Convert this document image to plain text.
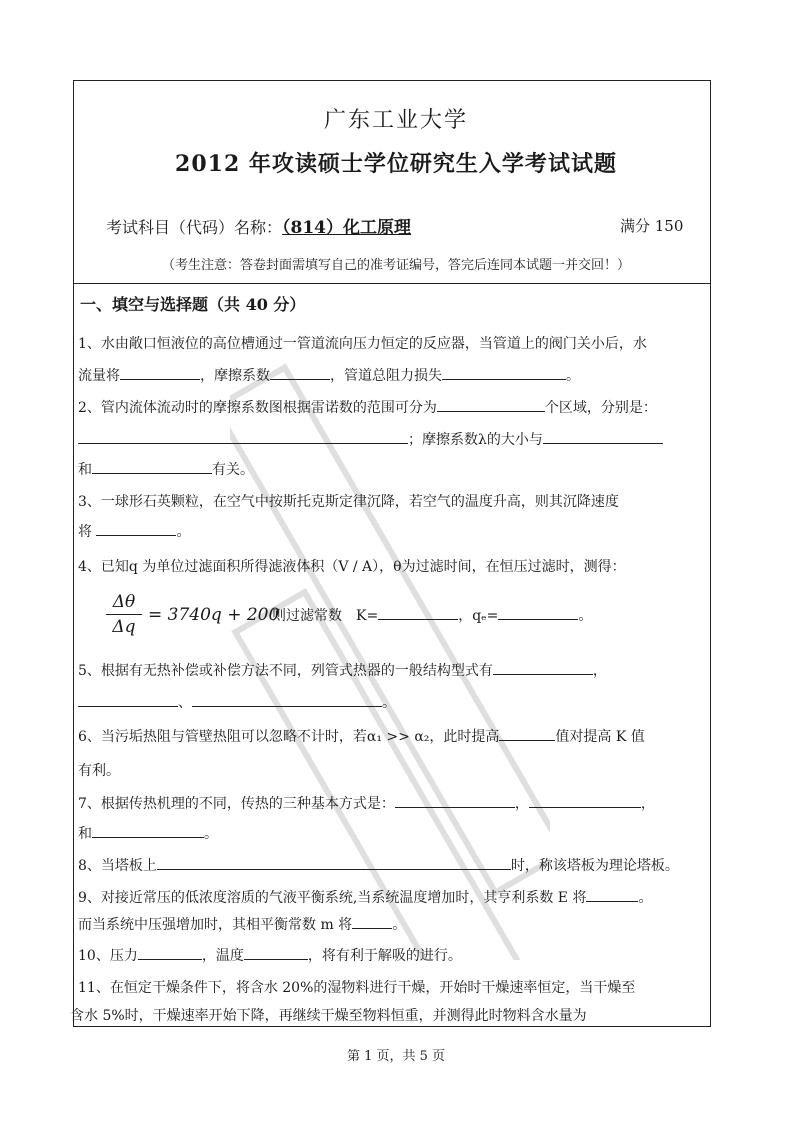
广东工业大学
2012 年攻读硕士学位研究生入学考试试题
考试科目（代码）名称：（814）化工原理	满分 150
（考生注意：答卷封面需填写自己的准考证编号，答完后连同本试题一并交回！）
一、填空与选择题（共 40 分）
1、水由敞口恒液位的高位槽通过一管道流向压力恒定的反应器，当管道上的阀门关小后，水
流量将	，摩擦系数	，管道总阻力损失	。
2、管内流体流动时的摩擦系数图根据雷诺数的范围可分为	个区域，分别是：
；摩擦系数λ的大小与
和	有关。
3、一球形石英颗粒，在空气中按斯托克斯定律沉降，若空气的温度升高，则其沉降速度
将	。
4、已知q 为单位过滤面积所得滤液体积（V / A），θ为过滤时间，在恒压过滤时，测得：
Δθ
Δq
= 3740q + 200
则过滤常数　K=	，qₑ=	。
5、根据有无热补偿或补偿方法不同，列管式热器的一般结构型式有	，
、	。
6、当污垢热阻与管壁热阻可以忽略不计时，若α₁ >> α₂，此时提高	值对提高 K 值
有利。
7、根据传热机理的不同，传热的三种基本方式是：	，	，
和	。
8、当塔板上	时，称该塔板为理论塔板。
9、对接近常压的低浓度溶质的气液平衡系统,当系统温度增加时，其亨利系数 E 将	。
而当系统中压强增加时，其相平衡常数 m 将	。
10、压力	，温度	，将有利于解吸的进行。
11、在恒定干燥条件下，将含水 20%的湿物料进行干燥，开始时干燥速率恒定，当干燥至
含水 5%时，干燥速率开始下降，再继续干燥至物料恒重，并测得此时物料含水量为
第 1 页，共 5 页
